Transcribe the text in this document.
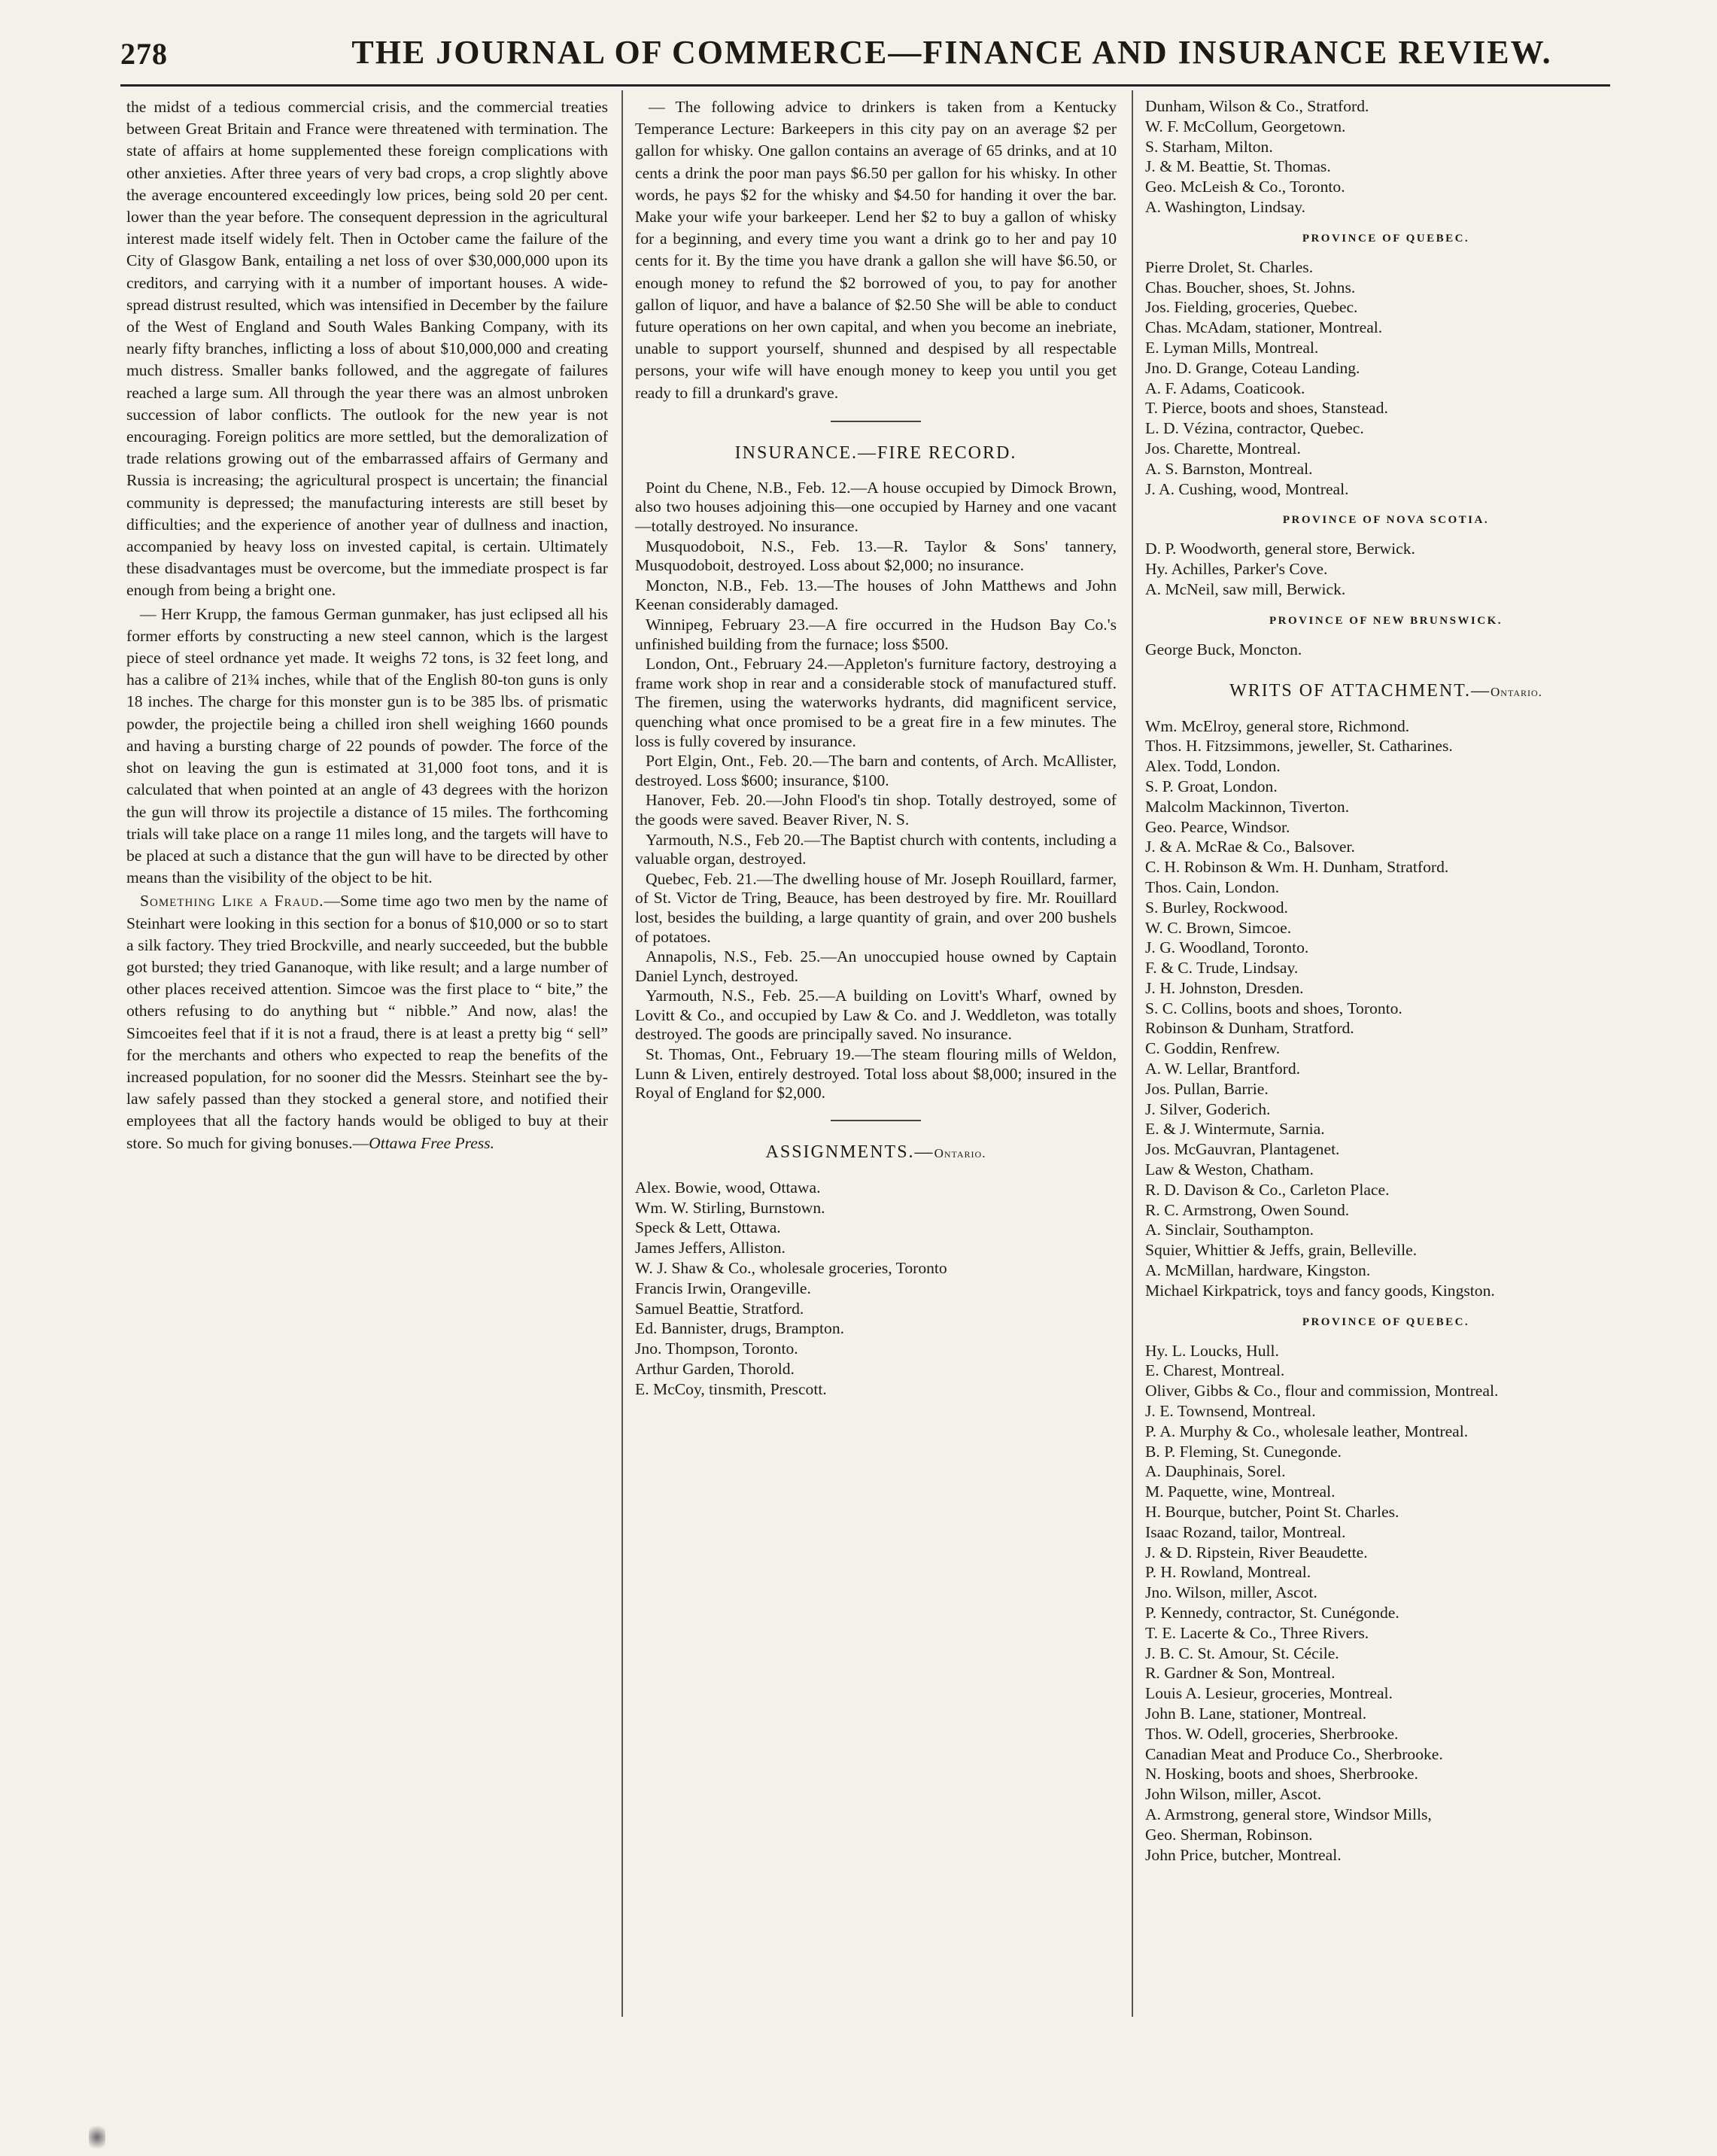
278	THE JOURNAL OF COMMERCE—FINANCE AND INSURANCE REVIEW.

the midst of a tedious commercial crisis, and the commercial treaties between Great Britain and France were threatened with termination. The state of affairs at home supplemented these foreign complications with other anxieties. After three years of very bad crops, a crop slightly above the average encountered exceedingly low prices, being sold 20 per cent. lower than the year before. The consequent depression in the agricultural interest made itself widely felt. Then in October came the failure of the City of Glasgow Bank, entailing a net loss of over $30,000,000 upon its creditors, and carrying with it a number of important houses. A wide-spread distrust resulted, which was intensified in December by the failure of the West of England and South Wales Banking Company, with its nearly fifty branches, inflicting a loss of about $10,000,000 and creating much distress. Smaller banks followed, and the aggregate of failures reached a large sum. All through the year there was an almost unbroken succession of labor conflicts. The outlook for the new year is not encouraging. Foreign politics are more settled, but the demoralization of trade relations growing out of the embarrassed affairs of Germany and Russia is increasing; the agricultural prospect is uncertain; the financial community is depressed; the manufacturing interests are still beset by difficulties; and the experience of another year of dullness and inaction, accompanied by heavy loss on invested capital, is certain. Ultimately these disadvantages must be overcome, but the immediate prospect is far enough from being a bright one.

— Herr Krupp, the famous German gunmaker, has just eclipsed all his former efforts by constructing a new steel cannon, which is the largest piece of steel ordnance yet made. It weighs 72 tons, is 32 feet long, and has a calibre of 21¾ inches, while that of the English 80-ton guns is only 18 inches. The charge for this monster gun is to be 385 lbs. of prismatic powder, the projectile being a chilled iron shell weighing 1660 pounds and having a bursting charge of 22 pounds of powder. The force of the shot on leaving the gun is estimated at 31,000 foot tons, and it is calculated that when pointed at an angle of 43 degrees with the horizon the gun will throw its projectile a distance of 15 miles. The forthcoming trials will take place on a range 11 miles long, and the targets will have to be placed at such a distance that the gun will have to be directed by other means than the visibility of the object to be hit.

Something Like a Fraud.—Some time ago two men by the name of Steinhart were looking in this section for a bonus of $10,000 or so to start a silk factory. They tried Brockville, and nearly succeeded, but the bubble got bursted; they tried Gananoque, with like result; and a large number of other places received attention. Simcoe was the first place to “ bite,” the others refusing to do anything but “ nibble.” And now, alas! the Simcoeites feel that if it is not a fraud, there is at least a pretty big “ sell” for the merchants and others who expected to reap the benefits of the increased population, for no sooner did the Messrs. Steinhart see the by-law safely passed than they stocked a general store, and notified their employees that all the factory hands would be obliged to buy at their store. So much for giving bonuses.—Ottawa Free Press.

— The following advice to drinkers is taken from a Kentucky Temperance Lecture: Barkeepers in this city pay on an average $2 per gallon for whisky. One gallon contains an average of 65 drinks, and at 10 cents a drink the poor man pays $6.50 per gallon for his whisky. In other words, he pays $2 for the whisky and $4.50 for handing it over the bar. Make your wife your barkeeper. Lend her $2 to buy a gallon of whisky for a beginning, and every time you want a drink go to her and pay 10 cents for it. By the time you have drank a gallon she will have $6.50, or enough money to refund the $2 borrowed of you, to pay for another gallon of liquor, and have a balance of $2.50 She will be able to conduct future operations on her own capital, and when you become an inebriate, unable to support yourself, shunned and despised by all respectable persons, your wife will have enough money to keep you until you get ready to fill a drunkard's grave.

INSURANCE.—FIRE RECORD.

Point du Chene, N.B., Feb. 12.—A house occupied by Dimock Brown, also two houses adjoining this—one occupied by Harney and one vacant—totally destroyed. No insurance.

Musquodoboit, N.S., Feb. 13.—R. Taylor & Sons' tannery, Musquodoboit, destroyed. Loss about $2,000; no insurance.

Moncton, N.B., Feb. 13.—The houses of John Matthews and John Keenan considerably damaged.

Winnipeg, February 23.—A fire occurred in the Hudson Bay Co.'s unfinished building from the furnace; loss $500.

London, Ont., February 24.—Appleton's furniture factory, destroying a frame work shop in rear and a considerable stock of manufactured stuff. The firemen, using the waterworks hydrants, did magnificent service, quenching what once promised to be a great fire in a few minutes. The loss is fully covered by insurance.

Port Elgin, Ont., Feb. 20.—The barn and contents, of Arch. McAllister, destroyed. Loss $600; insurance, $100.

Hanover, Feb. 20.—John Flood's tin shop. Totally destroyed, some of the goods were saved. Beaver River, N. S.

Yarmouth, N.S., Feb 20.—The Baptist church with contents, including a valuable organ, destroyed.

Quebec, Feb. 21.—The dwelling house of Mr. Joseph Rouillard, farmer, of St. Victor de Tring, Beauce, has been destroyed by fire. Mr. Rouillard lost, besides the building, a large quantity of grain, and over 200 bushels of potatoes.

Annapolis, N.S., Feb. 25.—An unoccupied house owned by Captain Daniel Lynch, destroyed.

Yarmouth, N.S., Feb. 25.—A building on Lovitt's Wharf, owned by Lovitt & Co., and occupied by Law & Co. and J. Weddleton, was totally destroyed. The goods are principally saved. No insurance.

St. Thomas, Ont., February 19.—The steam flouring mills of Weldon, Lunn & Liven, entirely destroyed. Total loss about $8,000; insured in the Royal of England for $2,000.

ASSIGNMENTS.—Ontario.

Alex. Bowie, wood, Ottawa.

Wm. W. Stirling, Burnstown.

Speck & Lett, Ottawa.

James Jeffers, Alliston.

W. J. Shaw & Co., wholesale groceries, Toronto

Francis Irwin, Orangeville.

Samuel Beattie, Stratford.

Ed. Bannister, drugs, Brampton.

Jno. Thompson, Toronto.

Arthur Garden, Thorold.

E. McCoy, tinsmith, Prescott.

Dunham, Wilson & Co., Stratford.

W. F. McCollum, Georgetown.

S. Starham, Milton.

J. & M. Beattie, St. Thomas.

Geo. McLeish & Co., Toronto.

A. Washington, Lindsay.

PROVINCE OF QUEBEC.

Pierre Drolet, St. Charles.

Chas. Boucher, shoes, St. Johns.

Jos. Fielding, groceries, Quebec.

Chas. McAdam, stationer, Montreal.

E. Lyman Mills, Montreal.

Jno. D. Grange, Coteau Landing.

A. F. Adams, Coaticook.

T. Pierce, boots and shoes, Stanstead.

L. D. Vézina, contractor, Quebec.

Jos. Charette, Montreal.

A. S. Barnston, Montreal.

J. A. Cushing, wood, Montreal.

PROVINCE OF NOVA SCOTIA.

D. P. Woodworth, general store, Berwick.

Hy. Achilles, Parker's Cove.

A. McNeil, saw mill, Berwick.

PROVINCE OF NEW BRUNSWICK.

George Buck, Moncton.

WRITS OF ATTACHMENT.—Ontario.

Wm. McElroy, general store, Richmond.

Thos. H. Fitzsimmons, jeweller, St. Catharines.

Alex. Todd, London.

S. P. Groat, London.

Malcolm Mackinnon, Tiverton.

Geo. Pearce, Windsor.

J. & A. McRae & Co., Balsover.

C. H. Robinson & Wm. H. Dunham, Stratford.

Thos. Cain, London.

S. Burley, Rockwood.

W. C. Brown, Simcoe.

J. G. Woodland, Toronto.

F. & C. Trude, Lindsay.

J. H. Johnston, Dresden.

S. C. Collins, boots and shoes, Toronto.

Robinson & Dunham, Stratford.

C. Goddin, Renfrew.

A. W. Lellar, Brantford.

Jos. Pullan, Barrie.

J. Silver, Goderich.

E. & J. Wintermute, Sarnia.

Jos. McGauvran, Plantagenet.

Law & Weston, Chatham.

R. D. Davison & Co., Carleton Place.

R. C. Armstrong, Owen Sound.

A. Sinclair, Southampton.

Squier, Whittier & Jeffs, grain, Belleville.

A. McMillan, hardware, Kingston.

Michael Kirkpatrick, toys and fancy goods, Kingston.

PROVINCE OF QUEBEC.

Hy. L. Loucks, Hull.

E. Charest, Montreal.

Oliver, Gibbs & Co., flour and commission, Montreal.

J. E. Townsend, Montreal.

P. A. Murphy & Co., wholesale leather, Montreal.

B. P. Fleming, St. Cunegonde.

A. Dauphinais, Sorel.

M. Paquette, wine, Montreal.

H. Bourque, butcher, Point St. Charles.

Isaac Rozand, tailor, Montreal.

J. & D. Ripstein, River Beaudette.

P. H. Rowland, Montreal.

Jno. Wilson, miller, Ascot.

P. Kennedy, contractor, St. Cunégonde.

T. E. Lacerte & Co., Three Rivers.

J. B. C. St. Amour, St. Cécile.

R. Gardner & Son, Montreal.

Louis A. Lesieur, groceries, Montreal.

John B. Lane, stationer, Montreal.

Thos. W. Odell, groceries, Sherbrooke.

Canadian Meat and Produce Co., Sherbrooke.

N. Hosking, boots and shoes, Sherbrooke.

John Wilson, miller, Ascot.

A. Armstrong, general store, Windsor Mills,

Geo. Sherman, Robinson.

John Price, butcher, Montreal.
